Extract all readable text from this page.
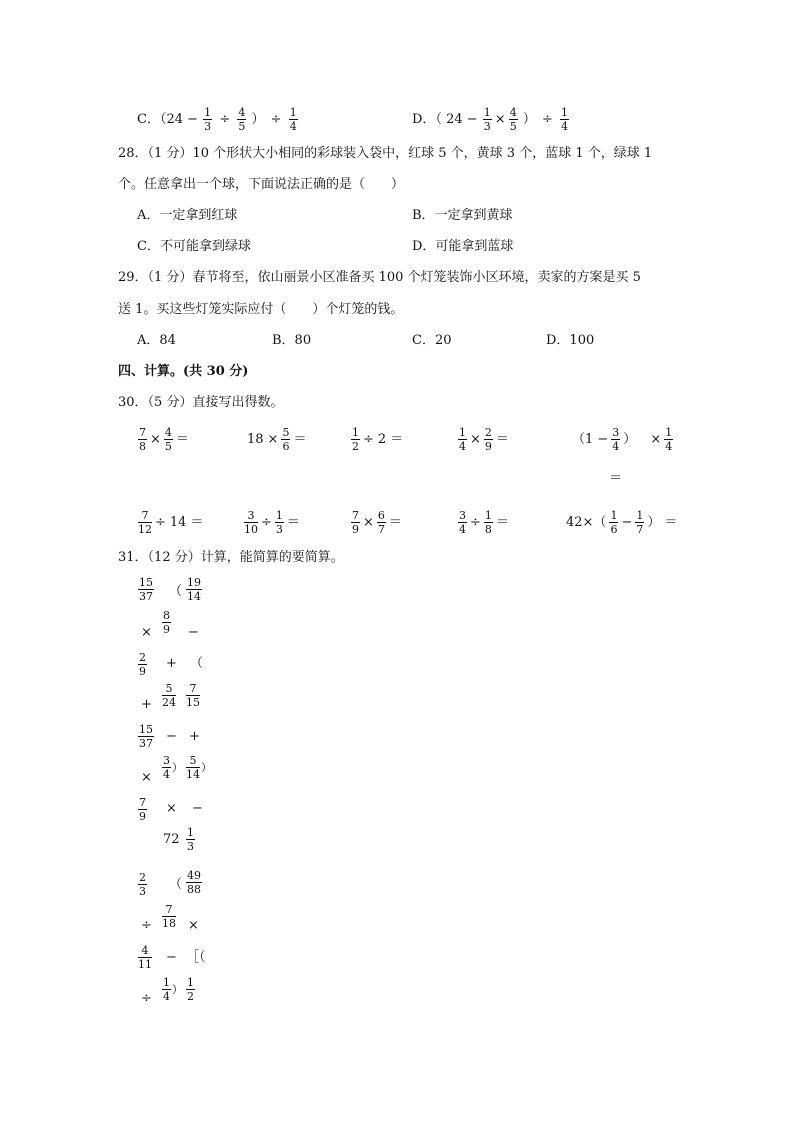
C．（$24 - \frac{1}{3} \div \frac{4}{5}$ ） ÷ $\frac{1}{4}$	D．（ $24 - \frac{1}{3} \times \frac{4}{5}$ ） ÷ $\frac{1}{4}$
28．（1 分）10 个形状大小相同的彩球装入袋中，红球 5 个，黄球 3 个，蓝球 1 个，绿球 1
个。任意拿出一个球，下面说法正确的是（　　）
A．一定拿到红球	B．一定拿到黄球
C．不可能拿到绿球	D．可能拿到蓝球
29．（1 分）春节将至，依山丽景小区准备买 100 个灯笼装饰小区环境，卖家的方案是买 5
送 1。买这些灯笼实际应付（　　）个灯笼的钱。
A．84	B．80	C．20	D．100
四、计算。(共 30 分)
30．（5 分）直接写出得数。
$\frac{7}{8} \times \frac{4}{5}$ ＝	$18 \times \frac{5}{6}$ ＝	$\frac{1}{2} \div 2$ ＝	$\frac{1}{4} \times \frac{2}{9}$ ＝	（$1 - \frac{3}{4}$ ） × $\frac{1}{4}$
＝
$\frac{7}{12} \div 14$ ＝	$\frac{3}{10} \div \frac{1}{3}$ ＝	$\frac{7}{9} \times \frac{6}{7}$ ＝	$\frac{3}{4} \div \frac{1}{8}$ ＝	$42\times( \frac{1}{6} - \frac{1}{7}$ ） ＝
31．（12 分）计算，能简算的要简算。
$\frac{15}{37}$ （ $\frac{19}{14}$
× $\frac{8}{9}$ −
$\frac{2}{9}$ + （
+ $\frac{5}{24} \frac{7}{15}$
$\frac{15}{37}$ − +
× $\frac{3}{4}$ ） $\frac{5}{14}$ ）
$\frac{7}{9}$ × −
$72 \frac{1}{3}$
$\frac{2}{3}$ （ $\frac{49}{88}$
÷ $\frac{7}{18}$ ×
$\frac{4}{11}$ − ［（
÷ $\frac{1}{4}$ ） $\frac{1}{2}$
